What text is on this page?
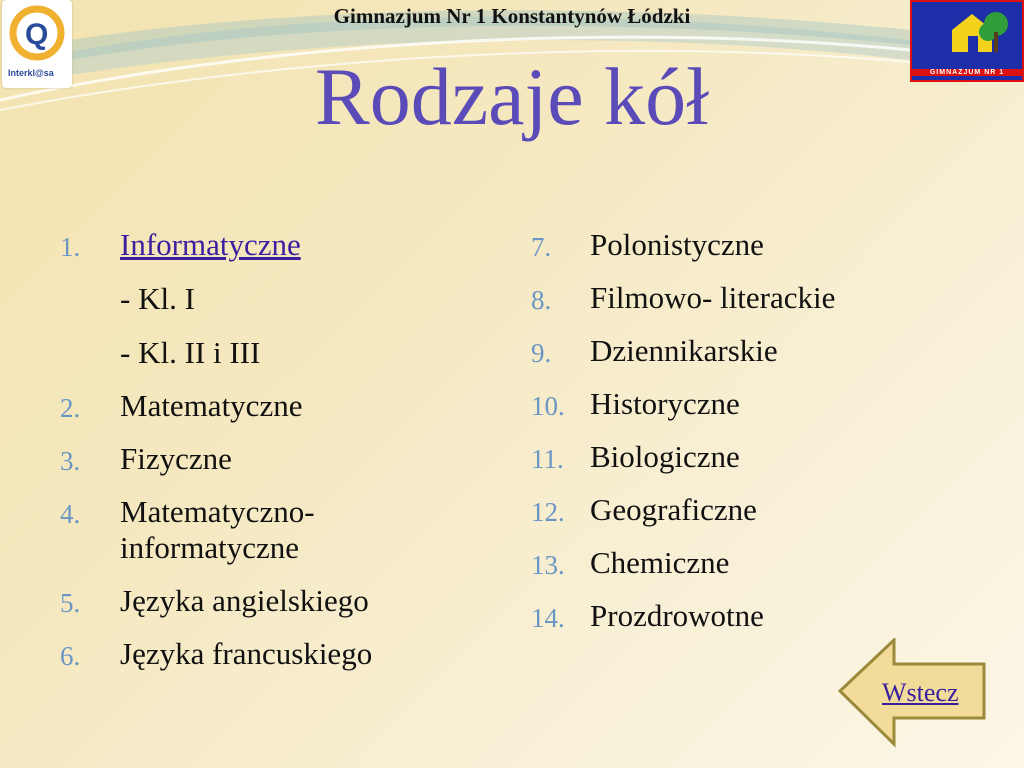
Q
Interkl@sa
Gimnazjum Nr 1 Konstantynów Łódzki
GIMNAZJUM NR 1
Rodzaje kół
1. Informatyczne
- Kl. I
- Kl. II i III
2. Matematyczne
3. Fizyczne
4. Matematyczno-informatyczne
5. Języka angielskiego
6. Języka francuskiego
7. Polonistyczne
8. Filmowo- literackie
9. Dziennikarskie
10. Historyczne
11. Biologiczne
12. Geograficzne
13. Chemiczne
14. Prozdrowotne
Wstecz
